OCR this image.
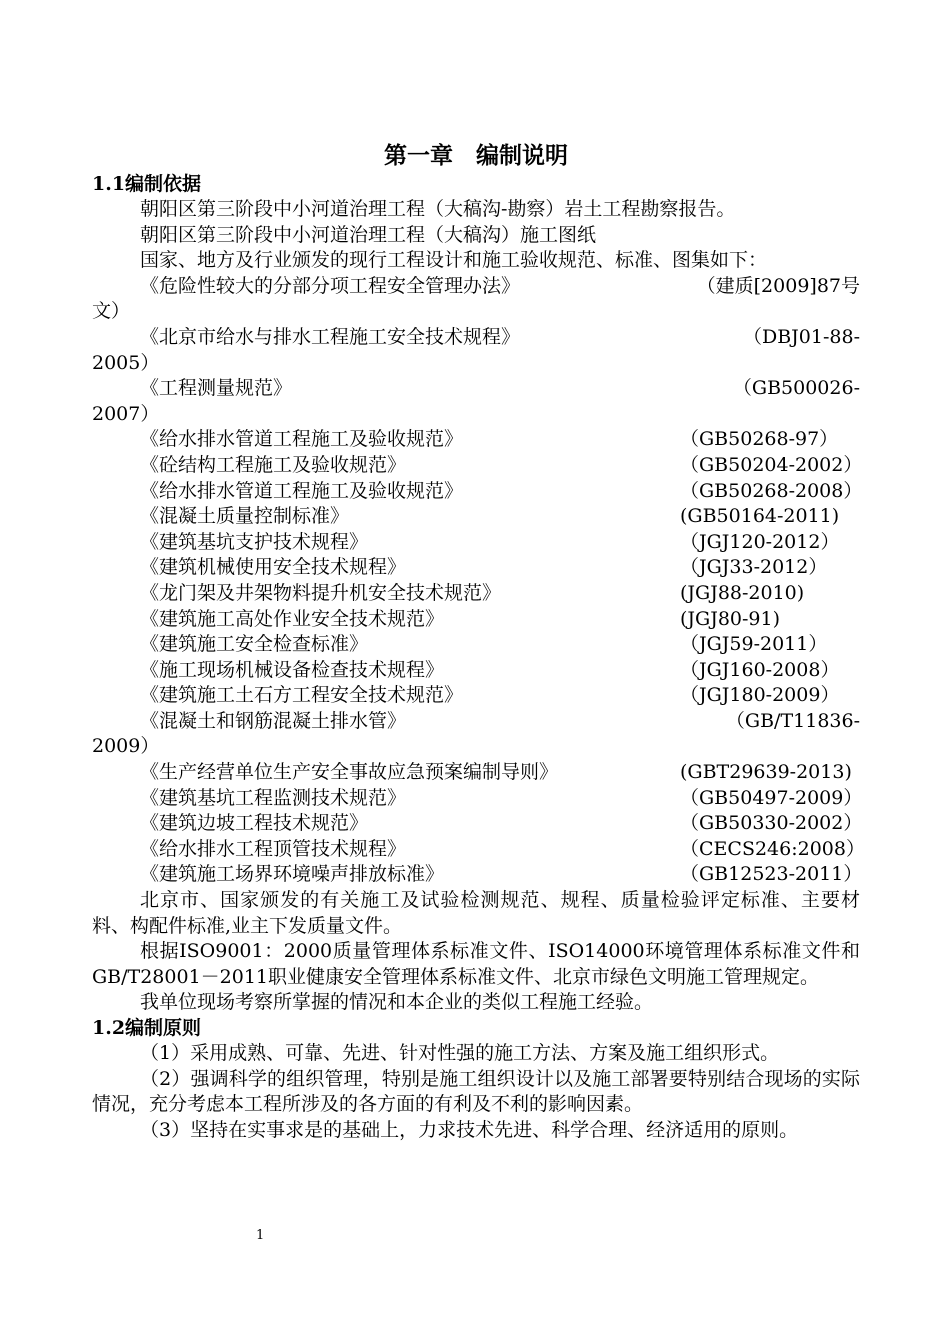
第一章　编制说明
1.1编制依据

朝阳区第三阶段中小河道治理工程（大稿沟-勘察）岩土工程勘察报告。

朝阳区第三阶段中小河道治理工程（大稿沟）施工图纸

国家、地方及行业颁发的现行工程设计和施工验收规范、标准、图集如下：

《危险性较大的分部分项工程安全管理办法》	（建质[2009]87号
文）
《北京市给水与排水工程施工安全技术规程》	（DBJ01-88-
2005）
《工程测量规范》	（GB500026-
2007）
《给水排水管道工程施工及验收规范》	（GB50268-97）
《砼结构工程施工及验收规范》	（GB50204-2002）
《给水排水管道工程施工及验收规范》	（GB50268-2008）
《混凝土质量控制标准》	(GB50164-2011)
《建筑基坑支护技术规程》	（JGJ120-2012）
《建筑机械使用安全技术规程》	（JGJ33-2012）
《龙门架及井架物料提升机安全技术规范》	(JGJ88-2010)
《建筑施工高处作业安全技术规范》	(JGJ80-91)
《建筑施工安全检查标准》	（JGJ59-2011）
《施工现场机械设备检查技术规程》	（JGJ160-2008）
《建筑施工土石方工程安全技术规范》	（JGJ180-2009）
《混凝土和钢筋混凝土排水管》	（GB/T11836-
2009）
《生产经营单位生产安全事故应急预案编制导则》	(GBT29639-2013)
《建筑基坑工程监测技术规范》	（GB50497-2009）
《建筑边坡工程技术规范》	（GB50330-2002）
《给水排水工程顶管技术规程》	（CECS246:2008）
《建筑施工场界环境噪声排放标准》	（GB12523-2011）

北京市、国家颁发的有关施工及试验检测规范、规程、质量检验评定标准、主要材料、构配件标准,业主下发质量文件。

根据ISO9001：2000质量管理体系标准文件、ISO14000环境管理体系标准文件和GB/T28001－2011职业健康安全管理体系标准文件、北京市绿色文明施工管理规定。

我单位现场考察所掌握的情况和本企业的类似工程施工经验。

1.2编制原则

（1）采用成熟、可靠、先进、针对性强的施工方法、方案及施工组织形式。

（2）强调科学的组织管理，特别是施工组织设计以及施工部署要特别结合现场的实际情况，充分考虑本工程所涉及的各方面的有利及不利的影响因素。

（3）坚持在实事求是的基础上，力求技术先进、科学合理、经济适用的原则。

1
